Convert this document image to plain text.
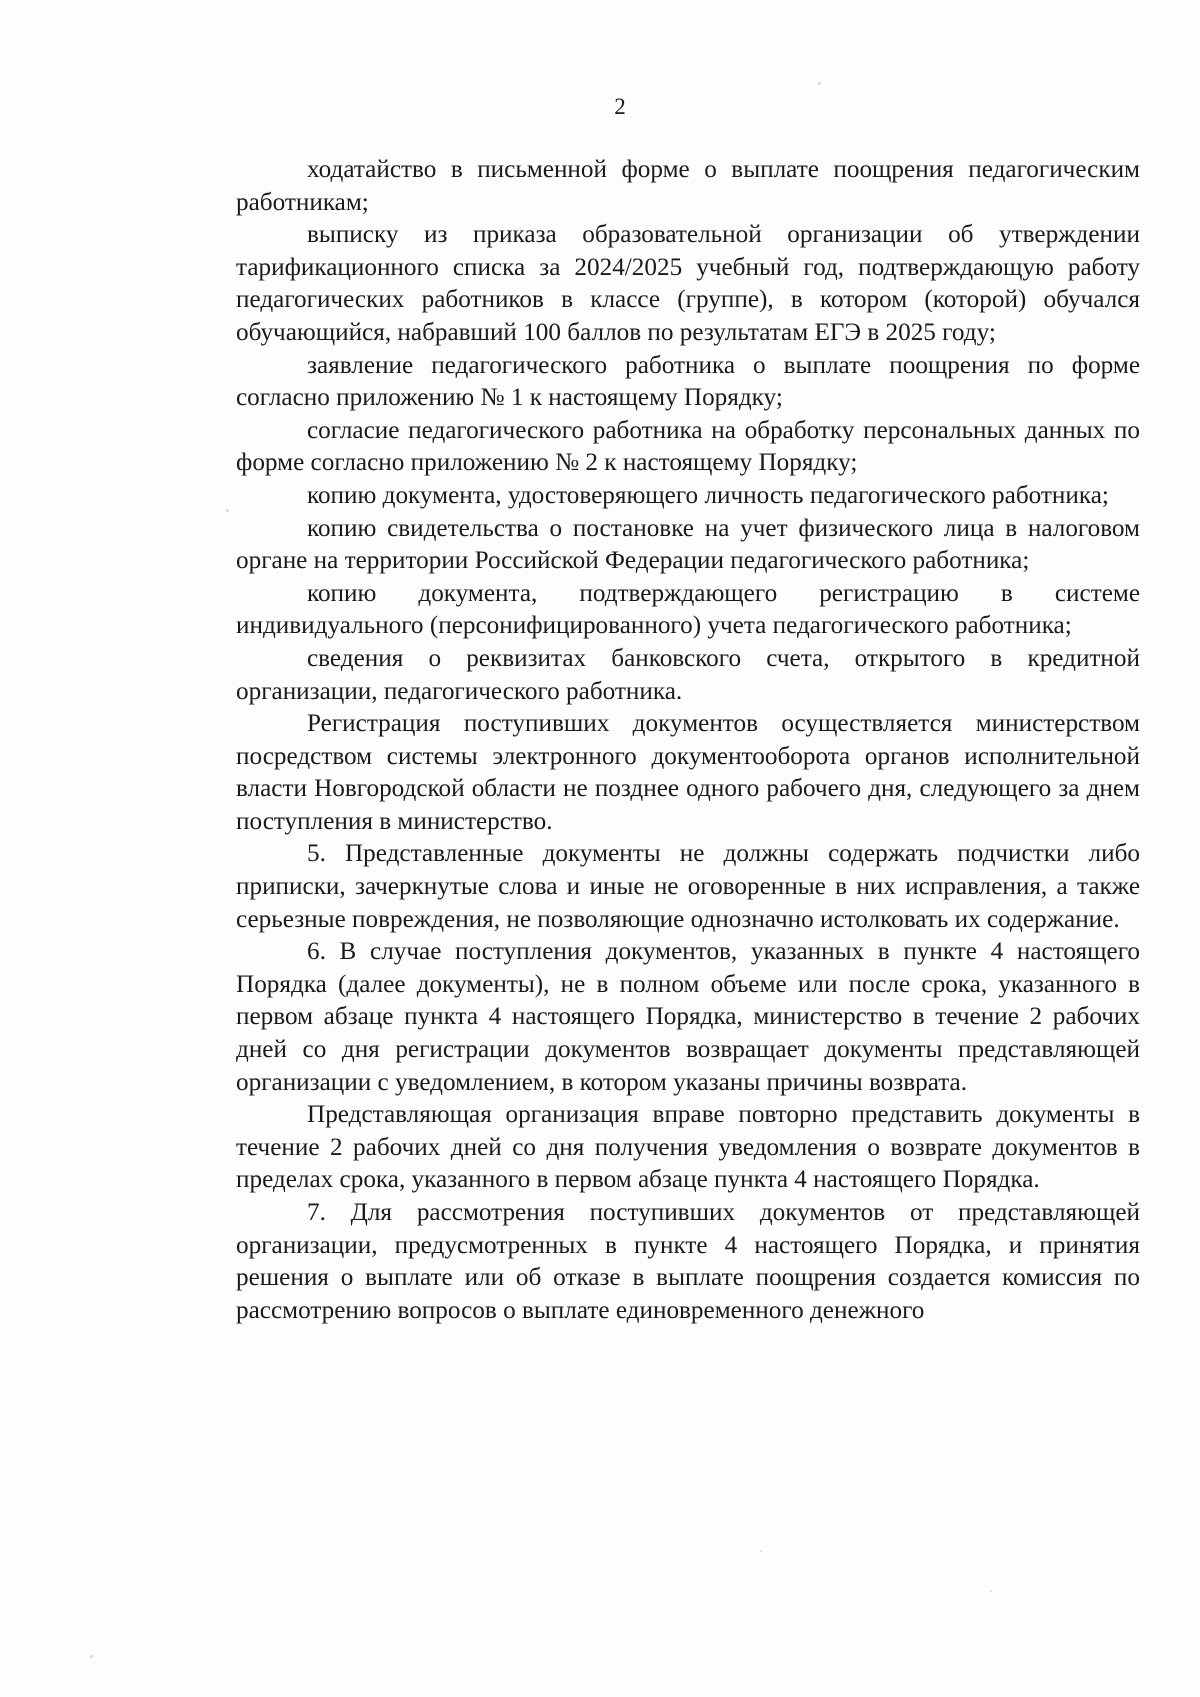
2

ходатайство в письменной форме о выплате поощрения педагогическим работникам;

выписку из приказа образовательной организации об утверждении тарификационного списка за 2024/2025 учебный год, подтверждающую работу педагогических работников в классе (группе), в котором (которой) обучался обучающийся, набравший 100 баллов по результатам ЕГЭ в 2025 году;

заявление педагогического работника о выплате поощрения по форме согласно приложению № 1 к настоящему Порядку;

согласие педагогического работника на обработку персональных данных по форме согласно приложению № 2 к настоящему Порядку;

копию документа, удостоверяющего личность педагогического работника;

копию свидетельства о постановке на учет физического лица в налоговом органе на территории Российской Федерации педагогического работника;

копию документа, подтверждающего регистрацию в системе индивидуального (персонифицированного) учета педагогического работника;

сведения о реквизитах банковского счета, открытого в кредитной организации, педагогического работника.

Регистрация поступивших документов осуществляется министерством посредством системы электронного документооборота органов исполнительной власти Новгородской области не позднее одного рабочего дня, следующего за днем поступления в министерство.

5. Представленные документы не должны содержать подчистки либо приписки, зачеркнутые слова и иные не оговоренные в них исправления, а также серьезные повреждения, не позволяющие однозначно истолковать их содержание.

6. В случае поступления документов, указанных в пункте 4 настоящего Порядка (далее документы), не в полном объеме или после срока, указанного в первом абзаце пункта 4 настоящего Порядка, министерство в течение 2 рабочих дней со дня регистрации документов возвращает документы представляющей организации с уведомлением, в котором указаны причины возврата.

Представляющая организация вправе повторно представить документы в течение 2 рабочих дней со дня получения уведомления о возврате документов в пределах срока, указанного в первом абзаце пункта 4 настоящего Порядка.

7. Для рассмотрения поступивших документов от представляющей организации, предусмотренных в пункте 4 настоящего Порядка, и принятия решения о выплате или об отказе в выплате поощрения создается комиссия по рассмотрению вопросов о выплате единовременного денежного
